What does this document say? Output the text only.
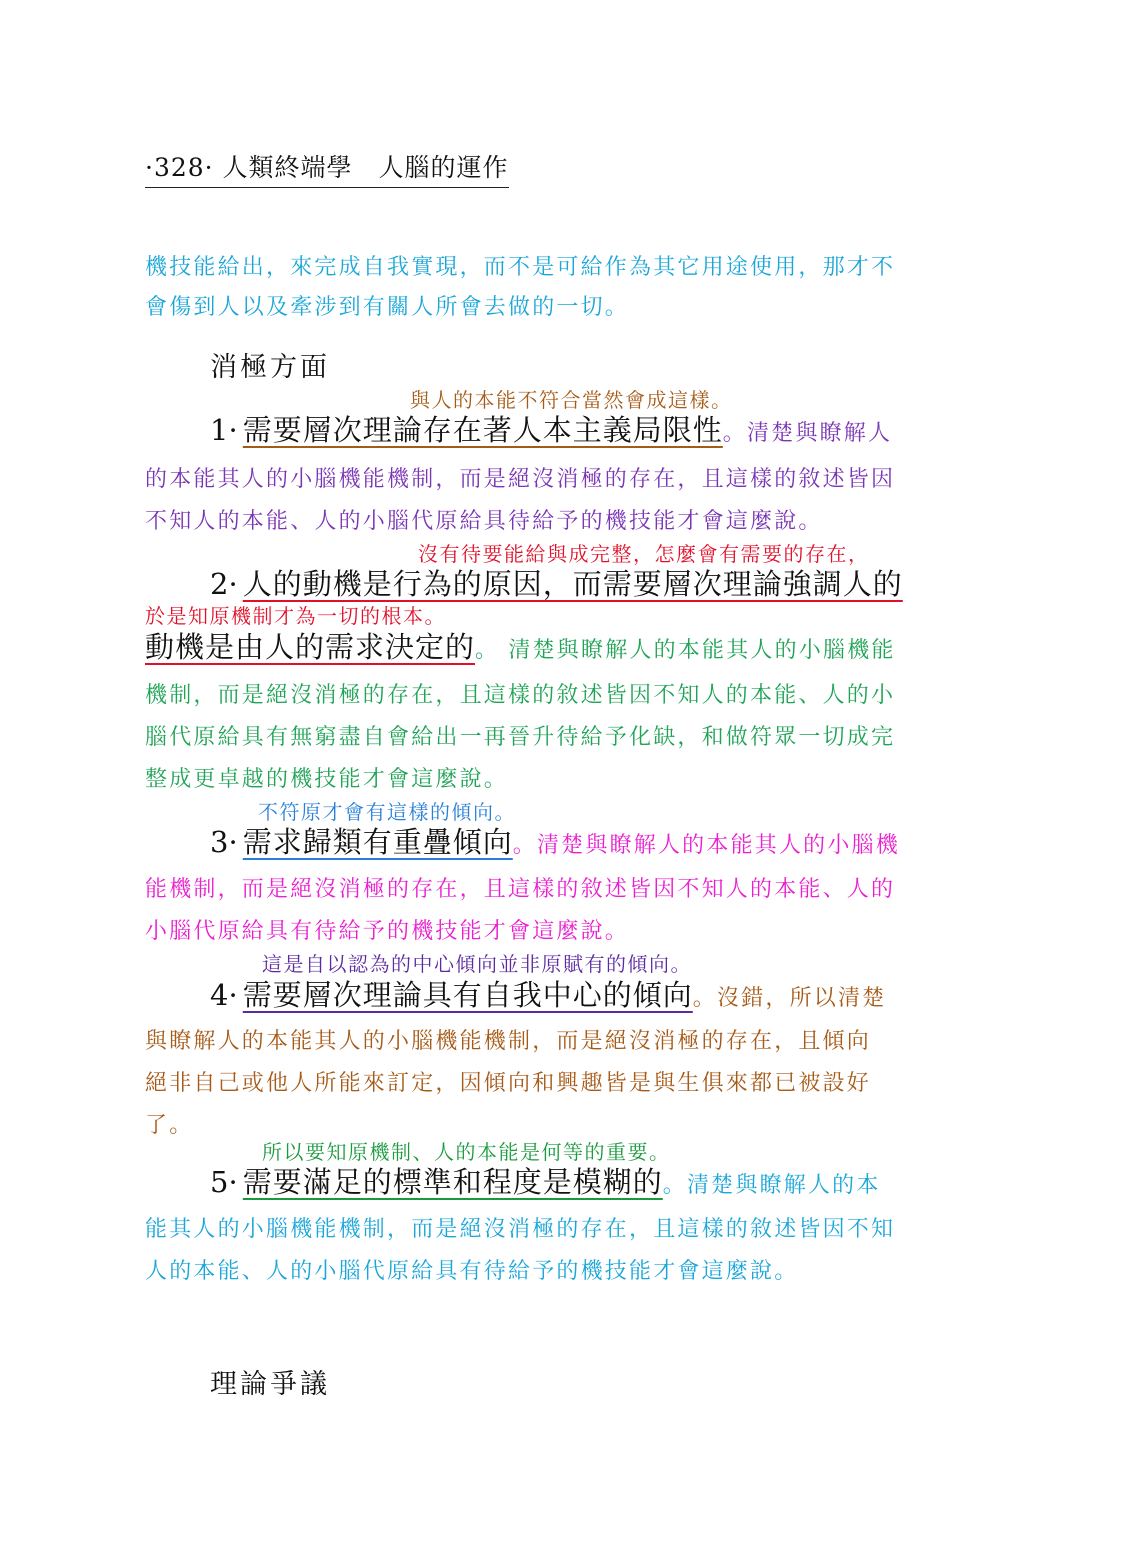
·328· 人類終端學　人腦的運作
機技能給出，來完成自我實現，而不是可給作為其它用途使用，那才不
會傷到人以及牽涉到有關人所會去做的一切。
消極方面
與人的本能不符合當然會成這樣。
1· 需要層次理論存在著人本主義局限性。清楚與瞭解人
的本能其人的小腦機能機制，而是絕沒消極的存在，且這樣的敘述皆因
不知人的本能、人的小腦代原給具待給予的機技能才會這麼說。
沒有待要能給與成完整，怎麼會有需要的存在，
2· 人的動機是行為的原因，而需要層次理論強調人的
於是知原機制才為一切的根本。
動機是由人的需求決定的。 清楚與瞭解人的本能其人的小腦機能
機制，而是絕沒消極的存在，且這樣的敘述皆因不知人的本能、人的小
腦代原給具有無窮盡自會給出一再晉升待給予化缺，和做符眾一切成完
整成更卓越的機技能才會這麼說。
不符原才會有這樣的傾向。
3· 需求歸類有重疊傾向。清楚與瞭解人的本能其人的小腦機
能機制，而是絕沒消極的存在，且這樣的敘述皆因不知人的本能、人的
小腦代原給具有待給予的機技能才會這麼說。
這是自以認為的中心傾向並非原賦有的傾向。
4· 需要層次理論具有自我中心的傾向。沒錯，所以清楚
與瞭解人的本能其人的小腦機能機制，而是絕沒消極的存在，且傾向
絕非自己或他人所能來訂定，因傾向和興趣皆是與生俱來都已被設好
了。
所以要知原機制、人的本能是何等的重要。
5· 需要滿足的標準和程度是模糊的。清楚與瞭解人的本
能其人的小腦機能機制，而是絕沒消極的存在，且這樣的敘述皆因不知
人的本能、人的小腦代原給具有待給予的機技能才會這麼說。
理論爭議
